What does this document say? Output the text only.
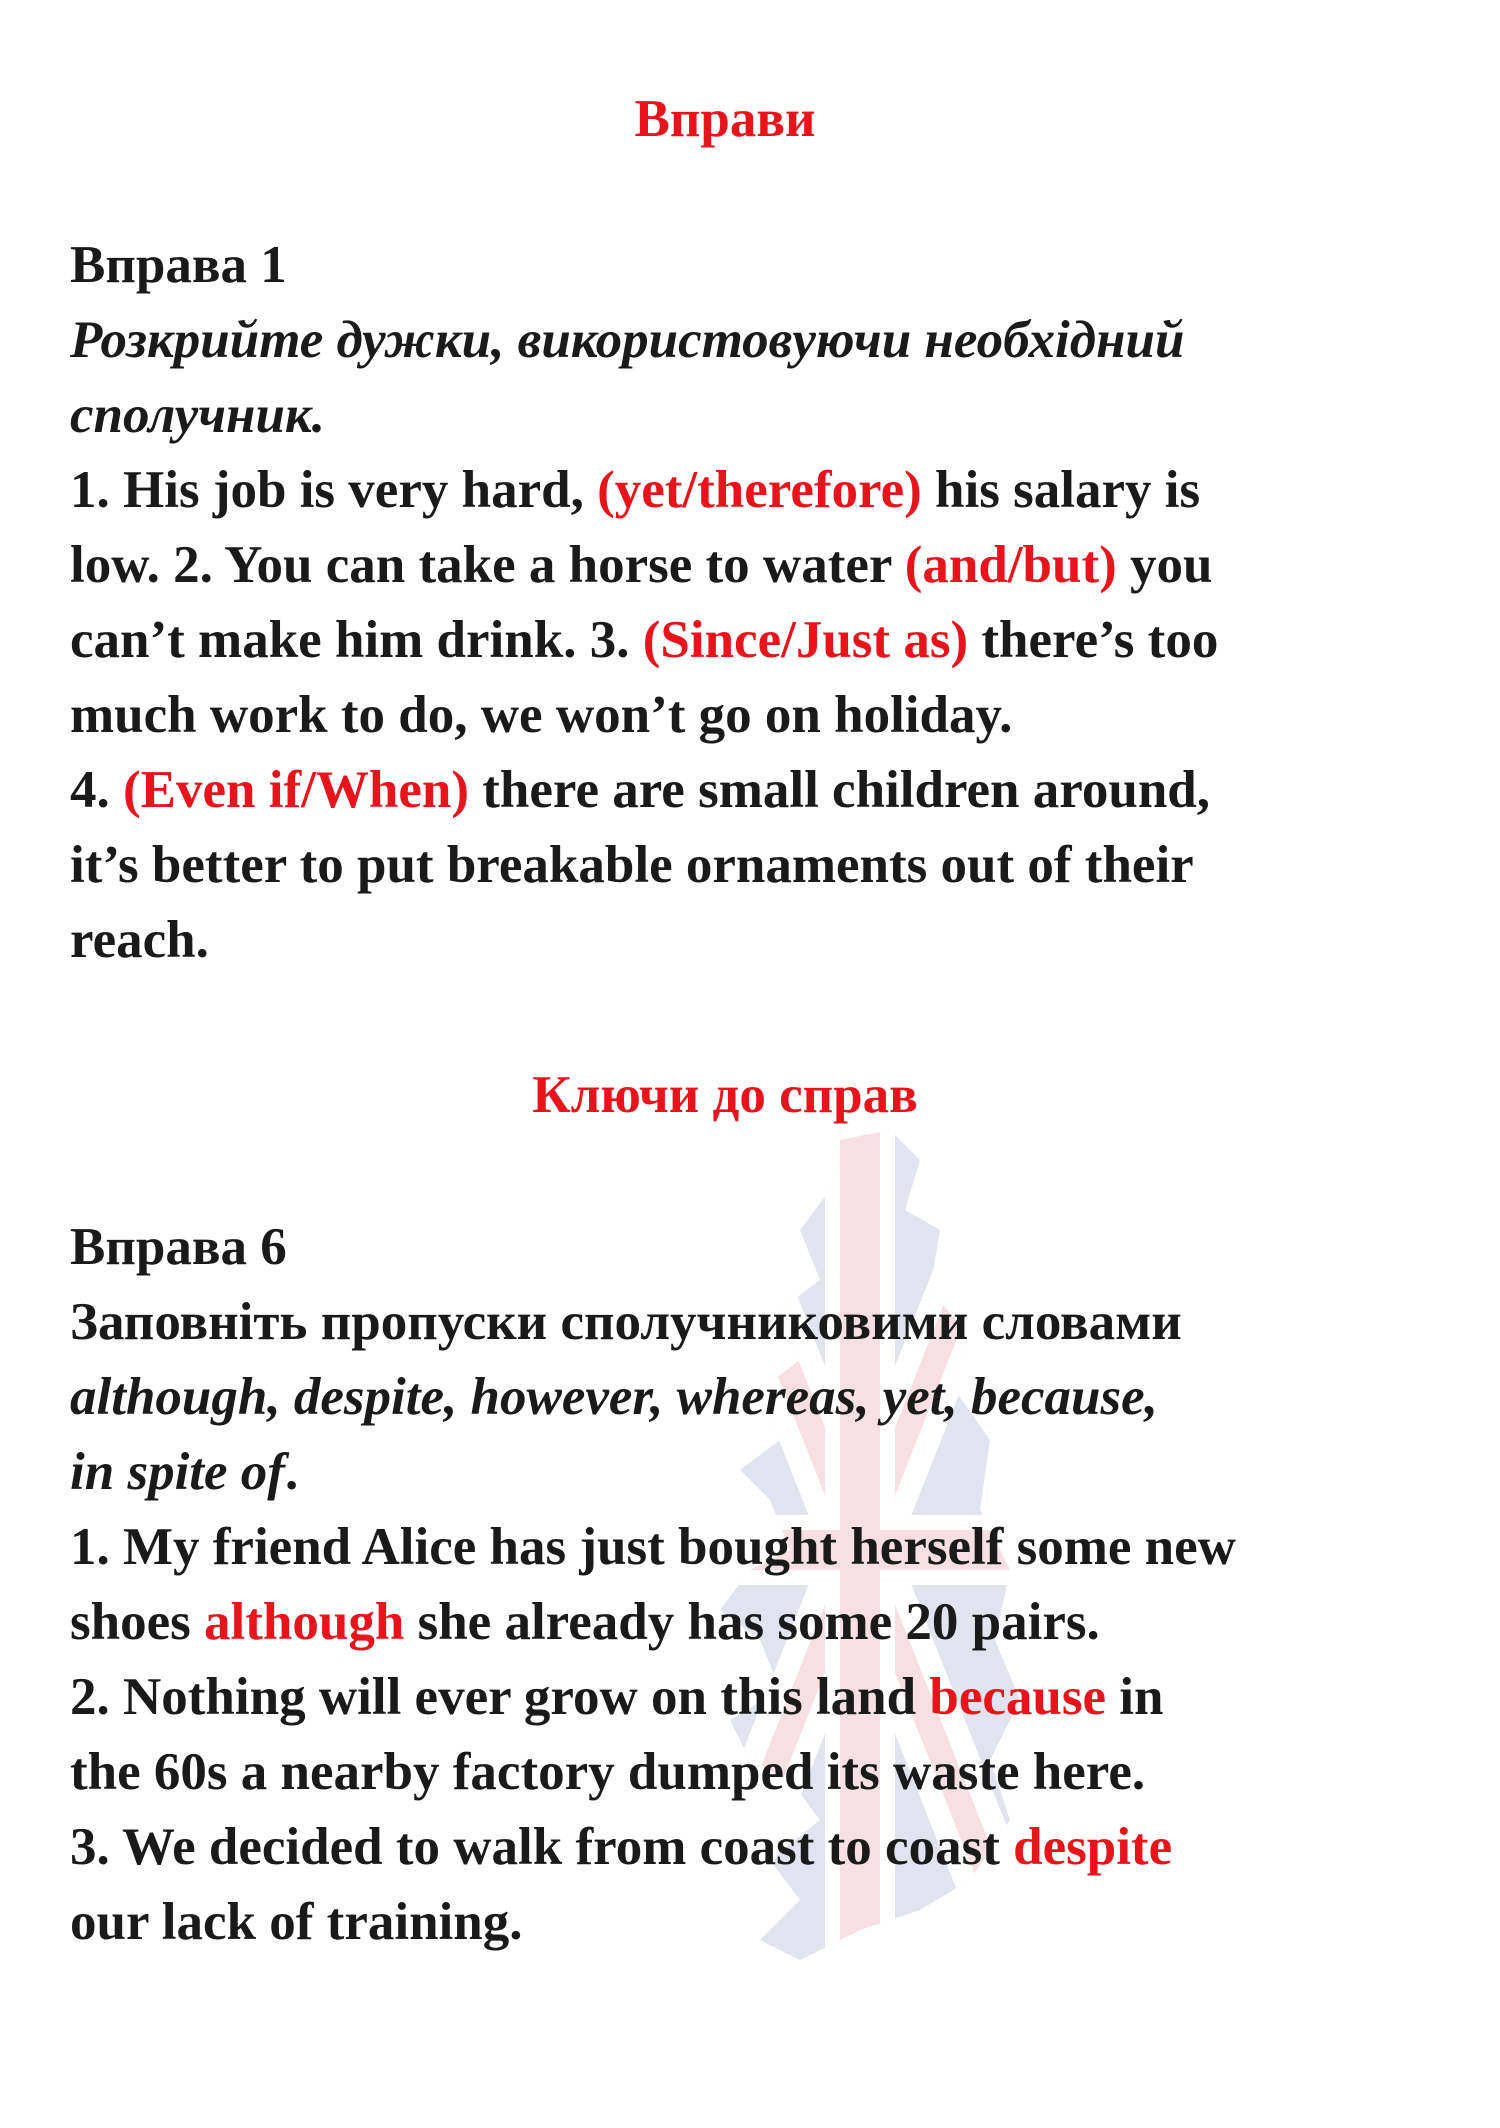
Вправи
Вправа 1
Розкрийте дужки, використовуючи необхідний
сполучник.
1. His job is very hard, (yet/therefore) his salary is
low. 2. You can take a horse to water (and/but) you
can’t make him drink. 3. (Since/Just as) there’s too
much work to do, we won’t go on holiday.
4. (Even if/When) there are small children around,
it’s better to put breakable ornaments out of their
reach.
Ключи до справ
Вправа 6
Заповніть пропуски сполучниковими словами
although, despite, however, whereas, yet, because,
in spite of.
1. My friend Alice has just bought herself some new
shoes although she already has some 20 pairs.
2. Nothing will ever grow on this land because in
the 60s a nearby factory dumped its waste here.
3. We decided to walk from coast to coast despite
our lack of training.
